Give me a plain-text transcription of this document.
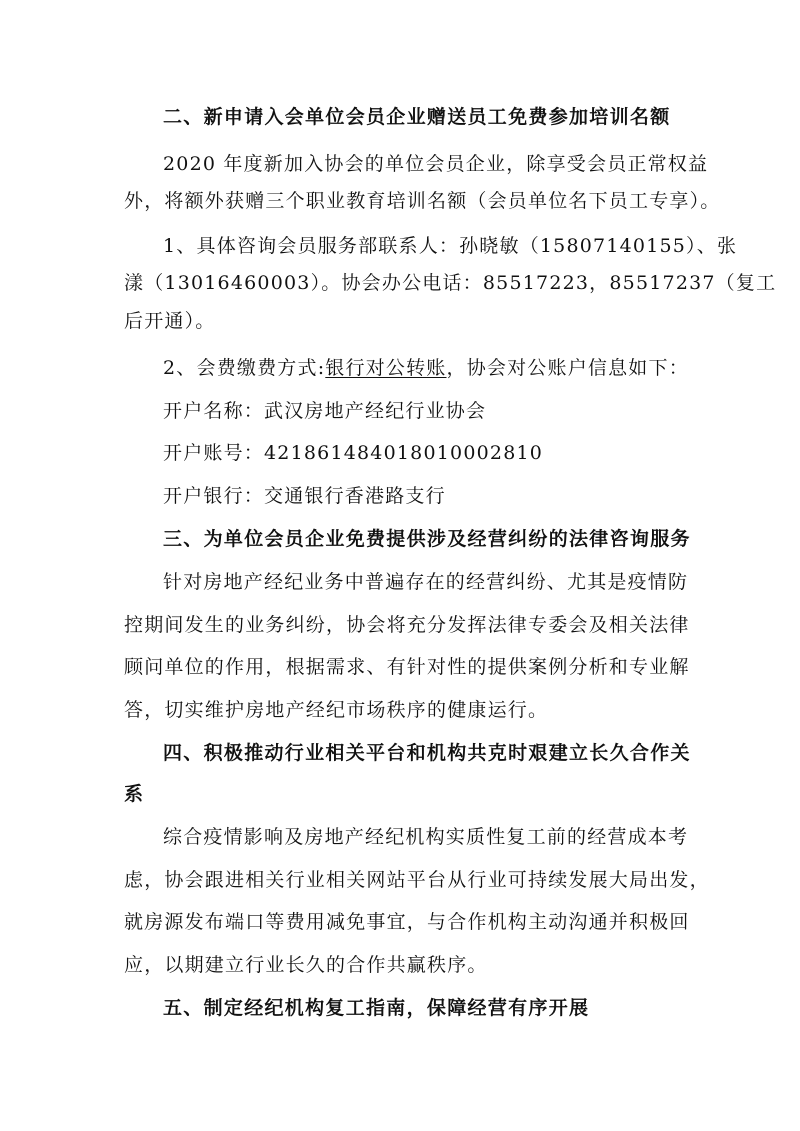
二、新申请入会单位会员企业赠送员工免费参加培训名额
2020 年度新加入协会的单位会员企业，除享受会员正常权益
外，将额外获赠三个职业教育培训名额（会员单位名下员工专享）。
1、具体咨询会员服务部联系人：孙晓敏（15807140155）、张
漾（13016460003）。协会办公电话：85517223，85517237（复工
后开通）。
2、会费缴费方式:银行对公转账，协会对公账户信息如下：
开户名称：武汉房地产经纪行业协会
开户账号：421861484018010002810
开户银行：交通银行香港路支行
三、为单位会员企业免费提供涉及经营纠纷的法律咨询服务
针对房地产经纪业务中普遍存在的经营纠纷、尤其是疫情防
控期间发生的业务纠纷，协会将充分发挥法律专委会及相关法律
顾问单位的作用，根据需求、有针对性的提供案例分析和专业解
答，切实维护房地产经纪市场秩序的健康运行。
四、积极推动行业相关平台和机构共克时艰建立长久合作关
系
综合疫情影响及房地产经纪机构实质性复工前的经营成本考
虑，协会跟进相关行业相关网站平台从行业可持续发展大局出发，
就房源发布端口等费用减免事宜，与合作机构主动沟通并积极回
应，以期建立行业长久的合作共赢秩序。
五、制定经纪机构复工指南，保障经营有序开展
